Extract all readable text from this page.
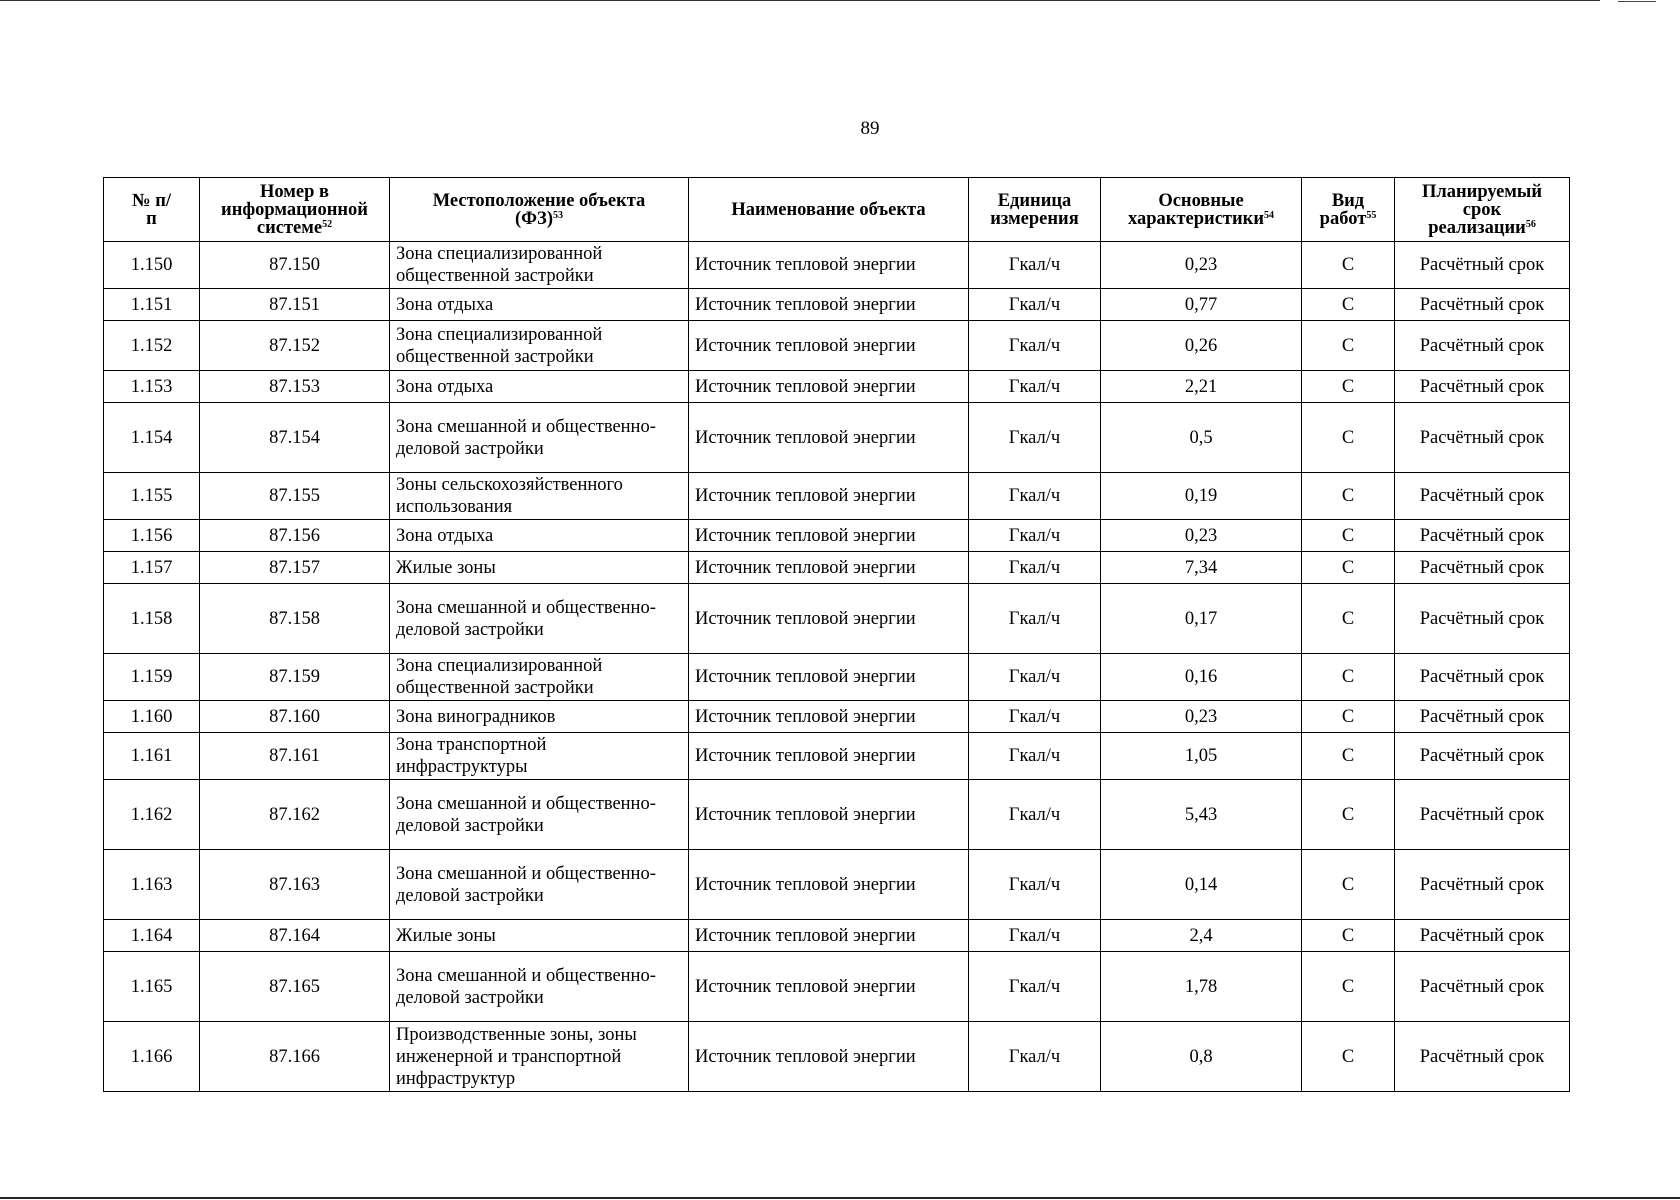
89
№ п/п	Номер в информационной системе$^{52}$	Местоположение объекта (ФЗ)$^{53}$	Наименование объекта	Единица измерения	Основные характеристики$^{54}$	Вид работ$^{55}$	Планируемый срок реализации$^{56}$

1.150	87.150	Зона специализированной общественной застройки	Источник тепловой энергии	Гкал/ч	0,23	С	Расчётный срок
1.151	87.151	Зона отдыха	Источник тепловой энергии	Гкал/ч	0,77	С	Расчётный срок
1.152	87.152	Зона специализированной общественной застройки	Источник тепловой энергии	Гкал/ч	0,26	С	Расчётный срок
1.153	87.153	Зона отдыха	Источник тепловой энергии	Гкал/ч	2,21	С	Расчётный срок
1.154	87.154	Зона смешанной и общественно-деловой застройки	Источник тепловой энергии	Гкал/ч	0,5	С	Расчётный срок
1.155	87.155	Зоны сельскохозяйственного использования	Источник тепловой энергии	Гкал/ч	0,19	С	Расчётный срок
1.156	87.156	Зона отдыха	Источник тепловой энергии	Гкал/ч	0,23	С	Расчётный срок
1.157	87.157	Жилые зоны	Источник тепловой энергии	Гкал/ч	7,34	С	Расчётный срок
1.158	87.158	Зона смешанной и общественно-деловой застройки	Источник тепловой энергии	Гкал/ч	0,17	С	Расчётный срок
1.159	87.159	Зона специализированной общественной застройки	Источник тепловой энергии	Гкал/ч	0,16	С	Расчётный срок
1.160	87.160	Зона виноградников	Источник тепловой энергии	Гкал/ч	0,23	С	Расчётный срок
1.161	87.161	Зона транспортной инфраструктуры	Источник тепловой энергии	Гкал/ч	1,05	С	Расчётный срок
1.162	87.162	Зона смешанной и общественно-деловой застройки	Источник тепловой энергии	Гкал/ч	5,43	С	Расчётный срок
1.163	87.163	Зона смешанной и общественно-деловой застройки	Источник тепловой энергии	Гкал/ч	0,14	С	Расчётный срок
1.164	87.164	Жилые зоны	Источник тепловой энергии	Гкал/ч	2,4	С	Расчётный срок
1.165	87.165	Зона смешанной и общественно-деловой застройки	Источник тепловой энергии	Гкал/ч	1,78	С	Расчётный срок
1.166	87.166	Производственные зоны, зоны инженерной и транспортной инфраструктур	Источник тепловой энергии	Гкал/ч	0,8	С	Расчётный срок
